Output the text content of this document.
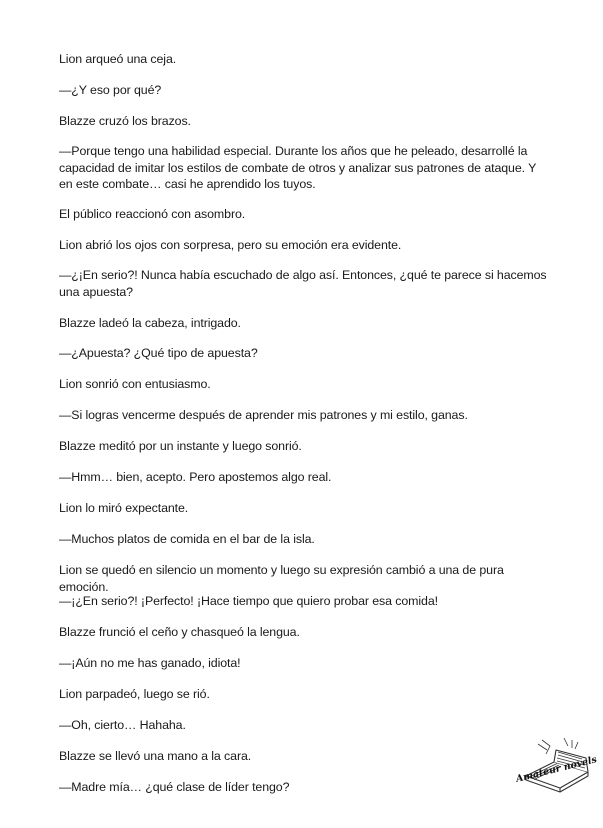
Lion arqueó una ceja.

—¿Y eso por qué?

Blazze cruzó los brazos.

—Porque tengo una habilidad especial. Durante los años que he peleado, desarrollé la capacidad de imitar los estilos de combate de otros y analizar sus patrones de ataque. Y en este combate… casi he aprendido los tuyos.

El público reaccionó con asombro.

Lion abrió los ojos con sorpresa, pero su emoción era evidente.

—¿¡En serio?! Nunca había escuchado de algo así. Entonces, ¿qué te parece si hacemos una apuesta?

Blazze ladeó la cabeza, intrigado.

—¿Apuesta? ¿Qué tipo de apuesta?

Lion sonrió con entusiasmo.

—Si logras vencerme después de aprender mis patrones y mi estilo, ganas.

Blazze meditó por un instante y luego sonrió.

—Hmm… bien, acepto. Pero apostemos algo real.

Lion lo miró expectante.

—Muchos platos de comida en el bar de la isla.

Lion se quedó en silencio un momento y luego su expresión cambió a una de pura emoción.

—¡¿En serio?! ¡Perfecto! ¡Hace tiempo que quiero probar esa comida!

Blazze frunció el ceño y chasqueó la lengua.

—¡Aún no me has ganado, idiota!

Lion parpadeó, luego se rió.

—Oh, cierto… Hahaha.

Blazze se llevó una mano a la cara.

—Madre mía… ¿qué clase de líder tengo?

Amateur novels
